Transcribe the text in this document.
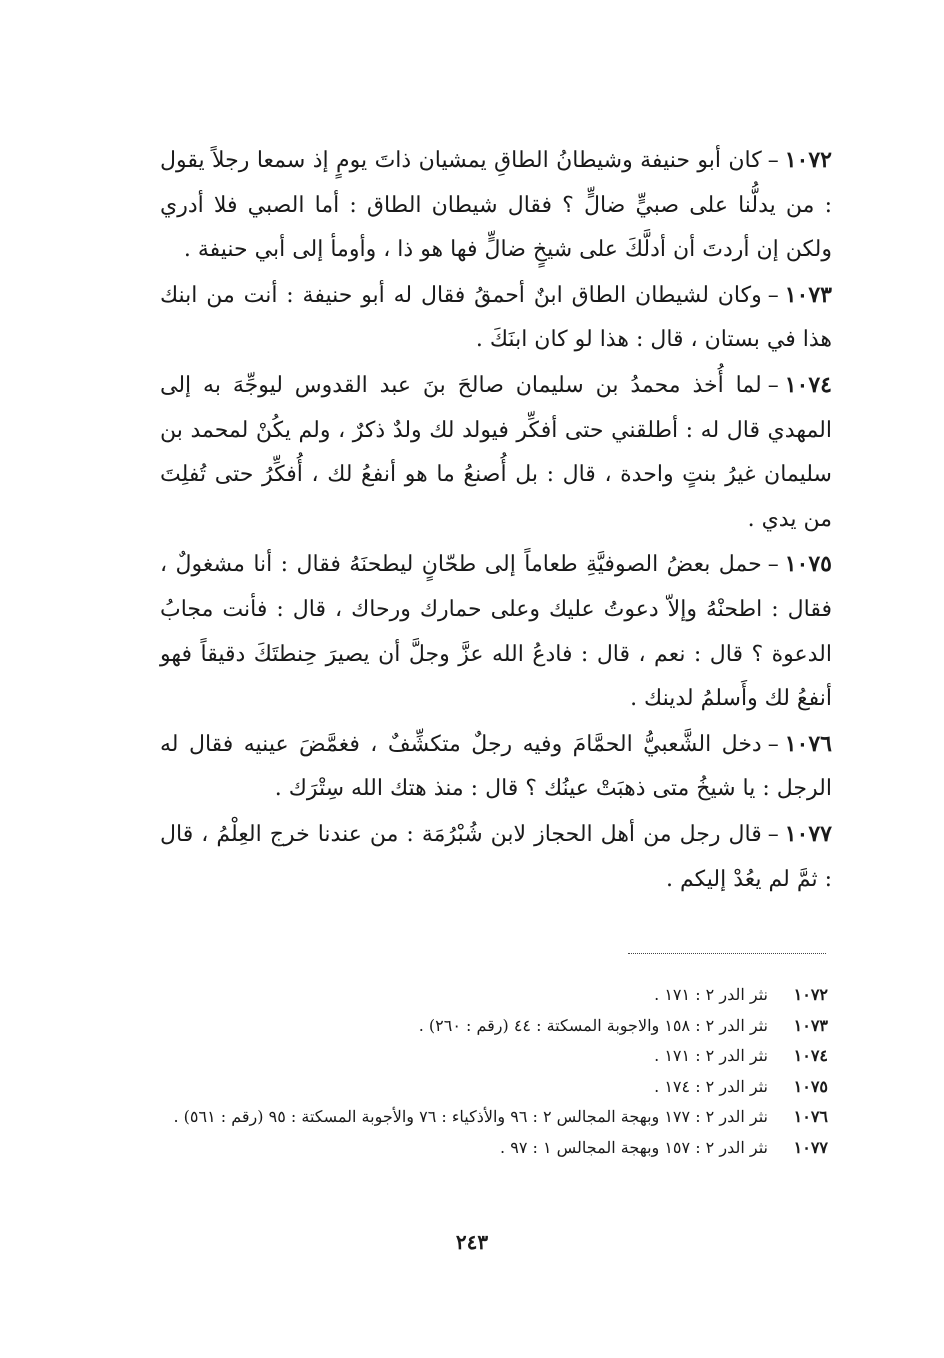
١٠٧٢–كان أبو حنيفة وشيطانُ الطاقِ يمشيان ذاتَ يومٍ إذ سمعا رجلاً يقول : من يدلُّنا على صبيٍّ ضالٍّ ؟ فقال شيطان الطاق : أما الصبي فلا أدري ولكن إن أردتَ أن أدلَّكَ على شيخٍ ضالٍّ فها هو ذا ، وأومأ إلى أبي حنيفة .

١٠٧٣–وكان لشيطان الطاق ابنٌ أحمقُ فقال له أبو حنيفة : أنت من ابنك هذا في بستان ، قال : هذا لو كان ابنَكَ .

١٠٧٤–لما أُخذ محمدُ بن سليمان صالحَ بنَ عبد القدوس ليوجِّهَ به إلى المهدي قال له : أطلقني حتى أفكِّر فيولد لك ولدٌ ذكرٌ ، ولم يكُنْ لمحمد بن سليمان غيرُ بنتٍ واحدة ، قال : بل أُصنعُ ما هو أنفعُ لك ، أُفكِّرُ حتى تُفلِتَ من يدي .

١٠٧٥–حمل بعضُ الصوفيَّةِ طعاماً إلى طحّانٍ ليطحنَهُ فقال : أنا مشغولٌ ، فقال : اطحنْهُ وإلاّ دعوتُ عليك وعلى حمارك ورحاك ، قال : فأنت مجابُ الدعوة ؟ قال : نعم ، قال : فادعُ الله عزَّ وجلَّ أن يصيرَ حِنطتَكَ دقيقاً فهو أنفعُ لك وأَسلمُ لدينك .

١٠٧٦–دخل الشَّعبيُّ الحمَّامَ وفيه رجلٌ متكشِّفٌ ، فغمَّضَ عينيه فقال له الرجل : يا شيخُ متى ذهبَتْ عينُك ؟ قال : منذ هتك الله سِتْرَك .

١٠٧٧–قال رجل من أهل الحجاز لابن شُبْرُمَة : من عندنا خرج العِلْمُ ، قال : ثمَّ لم يعُدْ إليكم .

١٠٧٢
نثر الدر ٢ : ١٧١ .
١٠٧٣
نثر الدر ٢ : ١٥٨ والاجوبة المسكتة : ٤٤ (رقم : ٢٦٠) .
١٠٧٤
نثر الدر ٢ : ١٧١ .
١٠٧٥
نثر الدر ٢ : ١٧٤ .
١٠٧٦
نثر الدر ٢ : ١٧٧ وبهجة المجالس ٢ : ٩٦ والأذكياء : ٧٦ والأجوبة المسكتة : ٩٥ (رقم : ٥٦١) .
١٠٧٧
نثر الدر ٢ : ١٥٧ وبهجة المجالس ١ : ٩٧ .
٢٤٣
